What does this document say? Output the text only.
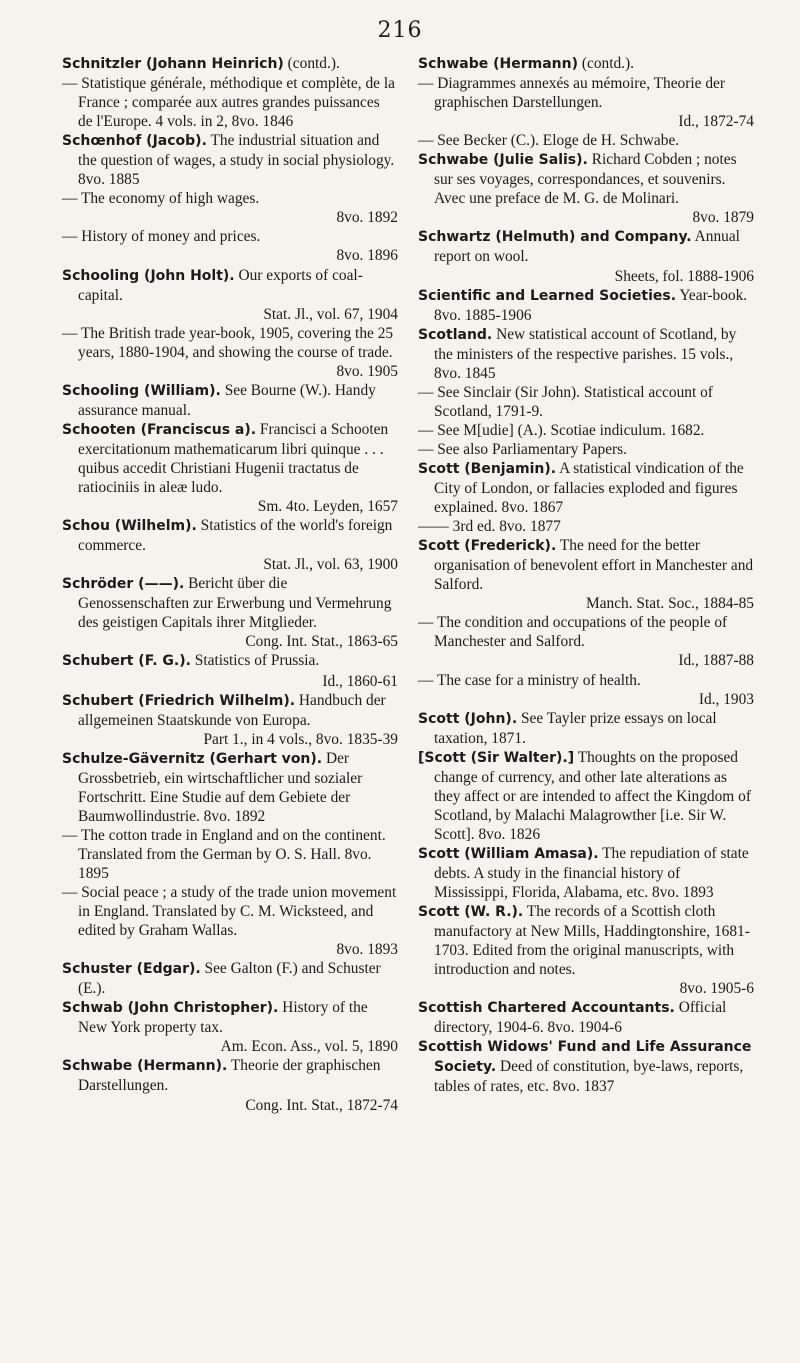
216

Schnitzler (Johann Heinrich) (contd.).

— Statistique générale, méthodique et complète, de la France ; comparée aux autres grandes puissances de l'Europe. 4 vols. in 2, 8vo. 1846

Schœnhof (Jacob). The industrial situation and the question of wages, a study in social physiology. 8vo. 1885

— The economy of high wages.
8vo. 1892

— History of money and prices.
8vo. 1896

Schooling (John Holt). Our exports of coal-capital.
Stat. Jl., vol. 67, 1904

— The British trade year-book, 1905, covering the 25 years, 1880-1904, and showing the course of trade.
8vo. 1905

Schooling (William). See Bourne (W.). Handy assurance manual.

Schooten (Franciscus a). Francisci a Schooten exercitationum mathematicarum libri quinque . . . quibus accedit Christiani Hugenii tractatus de ratiociniis in aleæ ludo.
Sm. 4to. Leyden, 1657

Schou (Wilhelm). Statistics of the world's foreign commerce.
Stat. Jl., vol. 63, 1900

Schröder (——). Bericht über die Genossenschaften zur Erwerbung und Vermehrung des geistigen Capitals ihrer Mitglieder.
Cong. Int. Stat., 1863-65

Schubert (F. G.). Statistics of Prussia.
Id., 1860-61

Schubert (Friedrich Wilhelm). Handbuch der allgemeinen Staatskunde von Europa.
Part 1., in 4 vols., 8vo. 1835-39

Schulze-Gävernitz (Gerhart von). Der Grossbetrieb, ein wirtschaftlicher und sozialer Fortschritt. Eine Studie auf dem Gebiete der Baumwollindustrie. 8vo. 1892

— The cotton trade in England and on the continent. Translated from the German by O. S. Hall. 8vo. 1895

— Social peace ; a study of the trade union movement in England. Translated by C. M. Wicksteed, and edited by Graham Wallas.
8vo. 1893

Schuster (Edgar). See Galton (F.) and Schuster (E.).

Schwab (John Christopher). History of the New York property tax.
Am. Econ. Ass., vol. 5, 1890

Schwabe (Hermann). Theorie der graphischen Darstellungen.
Cong. Int. Stat., 1872-74

Schwabe (Hermann) (contd.).

— Diagrammes annexés au mémoire, Theorie der graphischen Darstellungen.
Id., 1872-74

— See Becker (C.). Eloge de H. Schwabe.

Schwabe (Julie Salis). Richard Cobden ; notes sur ses voyages, correspondances, et souvenirs. Avec une preface de M. G. de Molinari.
8vo. 1879

Schwartz (Helmuth) and Company. Annual report on wool.
Sheets, fol. 1888-1906

Scientific and Learned Societies. Year-book. 8vo. 1885-1906

Scotland. New statistical account of Scotland, by the ministers of the respective parishes. 15 vols., 8vo. 1845

— See Sinclair (Sir John). Statistical account of Scotland, 1791-9.

— See M[udie] (A.). Scotiae indiculum. 1682.

— See also Parliamentary Papers.

Scott (Benjamin). A statistical vindication of the City of London, or fallacies exploded and figures explained. 8vo. 1867

—— 3rd ed. 8vo. 1877

Scott (Frederick). The need for the better organisation of benevolent effort in Manchester and Salford.
Manch. Stat. Soc., 1884-85

— The condition and occupations of the people of Manchester and Salford.
Id., 1887-88

— The case for a ministry of health.
Id., 1903

Scott (John). See Tayler prize essays on local taxation, 1871.

[Scott (Sir Walter).] Thoughts on the proposed change of currency, and other late alterations as they affect or are intended to affect the Kingdom of Scotland, by Malachi Malagrowther [i.e. Sir W. Scott]. 8vo. 1826

Scott (William Amasa). The repudiation of state debts. A study in the financial history of Mississippi, Florida, Alabama, etc. 8vo. 1893

Scott (W. R.). The records of a Scottish cloth manufactory at New Mills, Haddingtonshire, 1681-1703. Edited from the original manuscripts, with introduction and notes.
8vo. 1905-6

Scottish Chartered Accountants. Official directory, 1904-6. 8vo. 1904-6

Scottish Widows' Fund and Life Assurance Society. Deed of constitution, bye-laws, reports, tables of rates, etc. 8vo. 1837
